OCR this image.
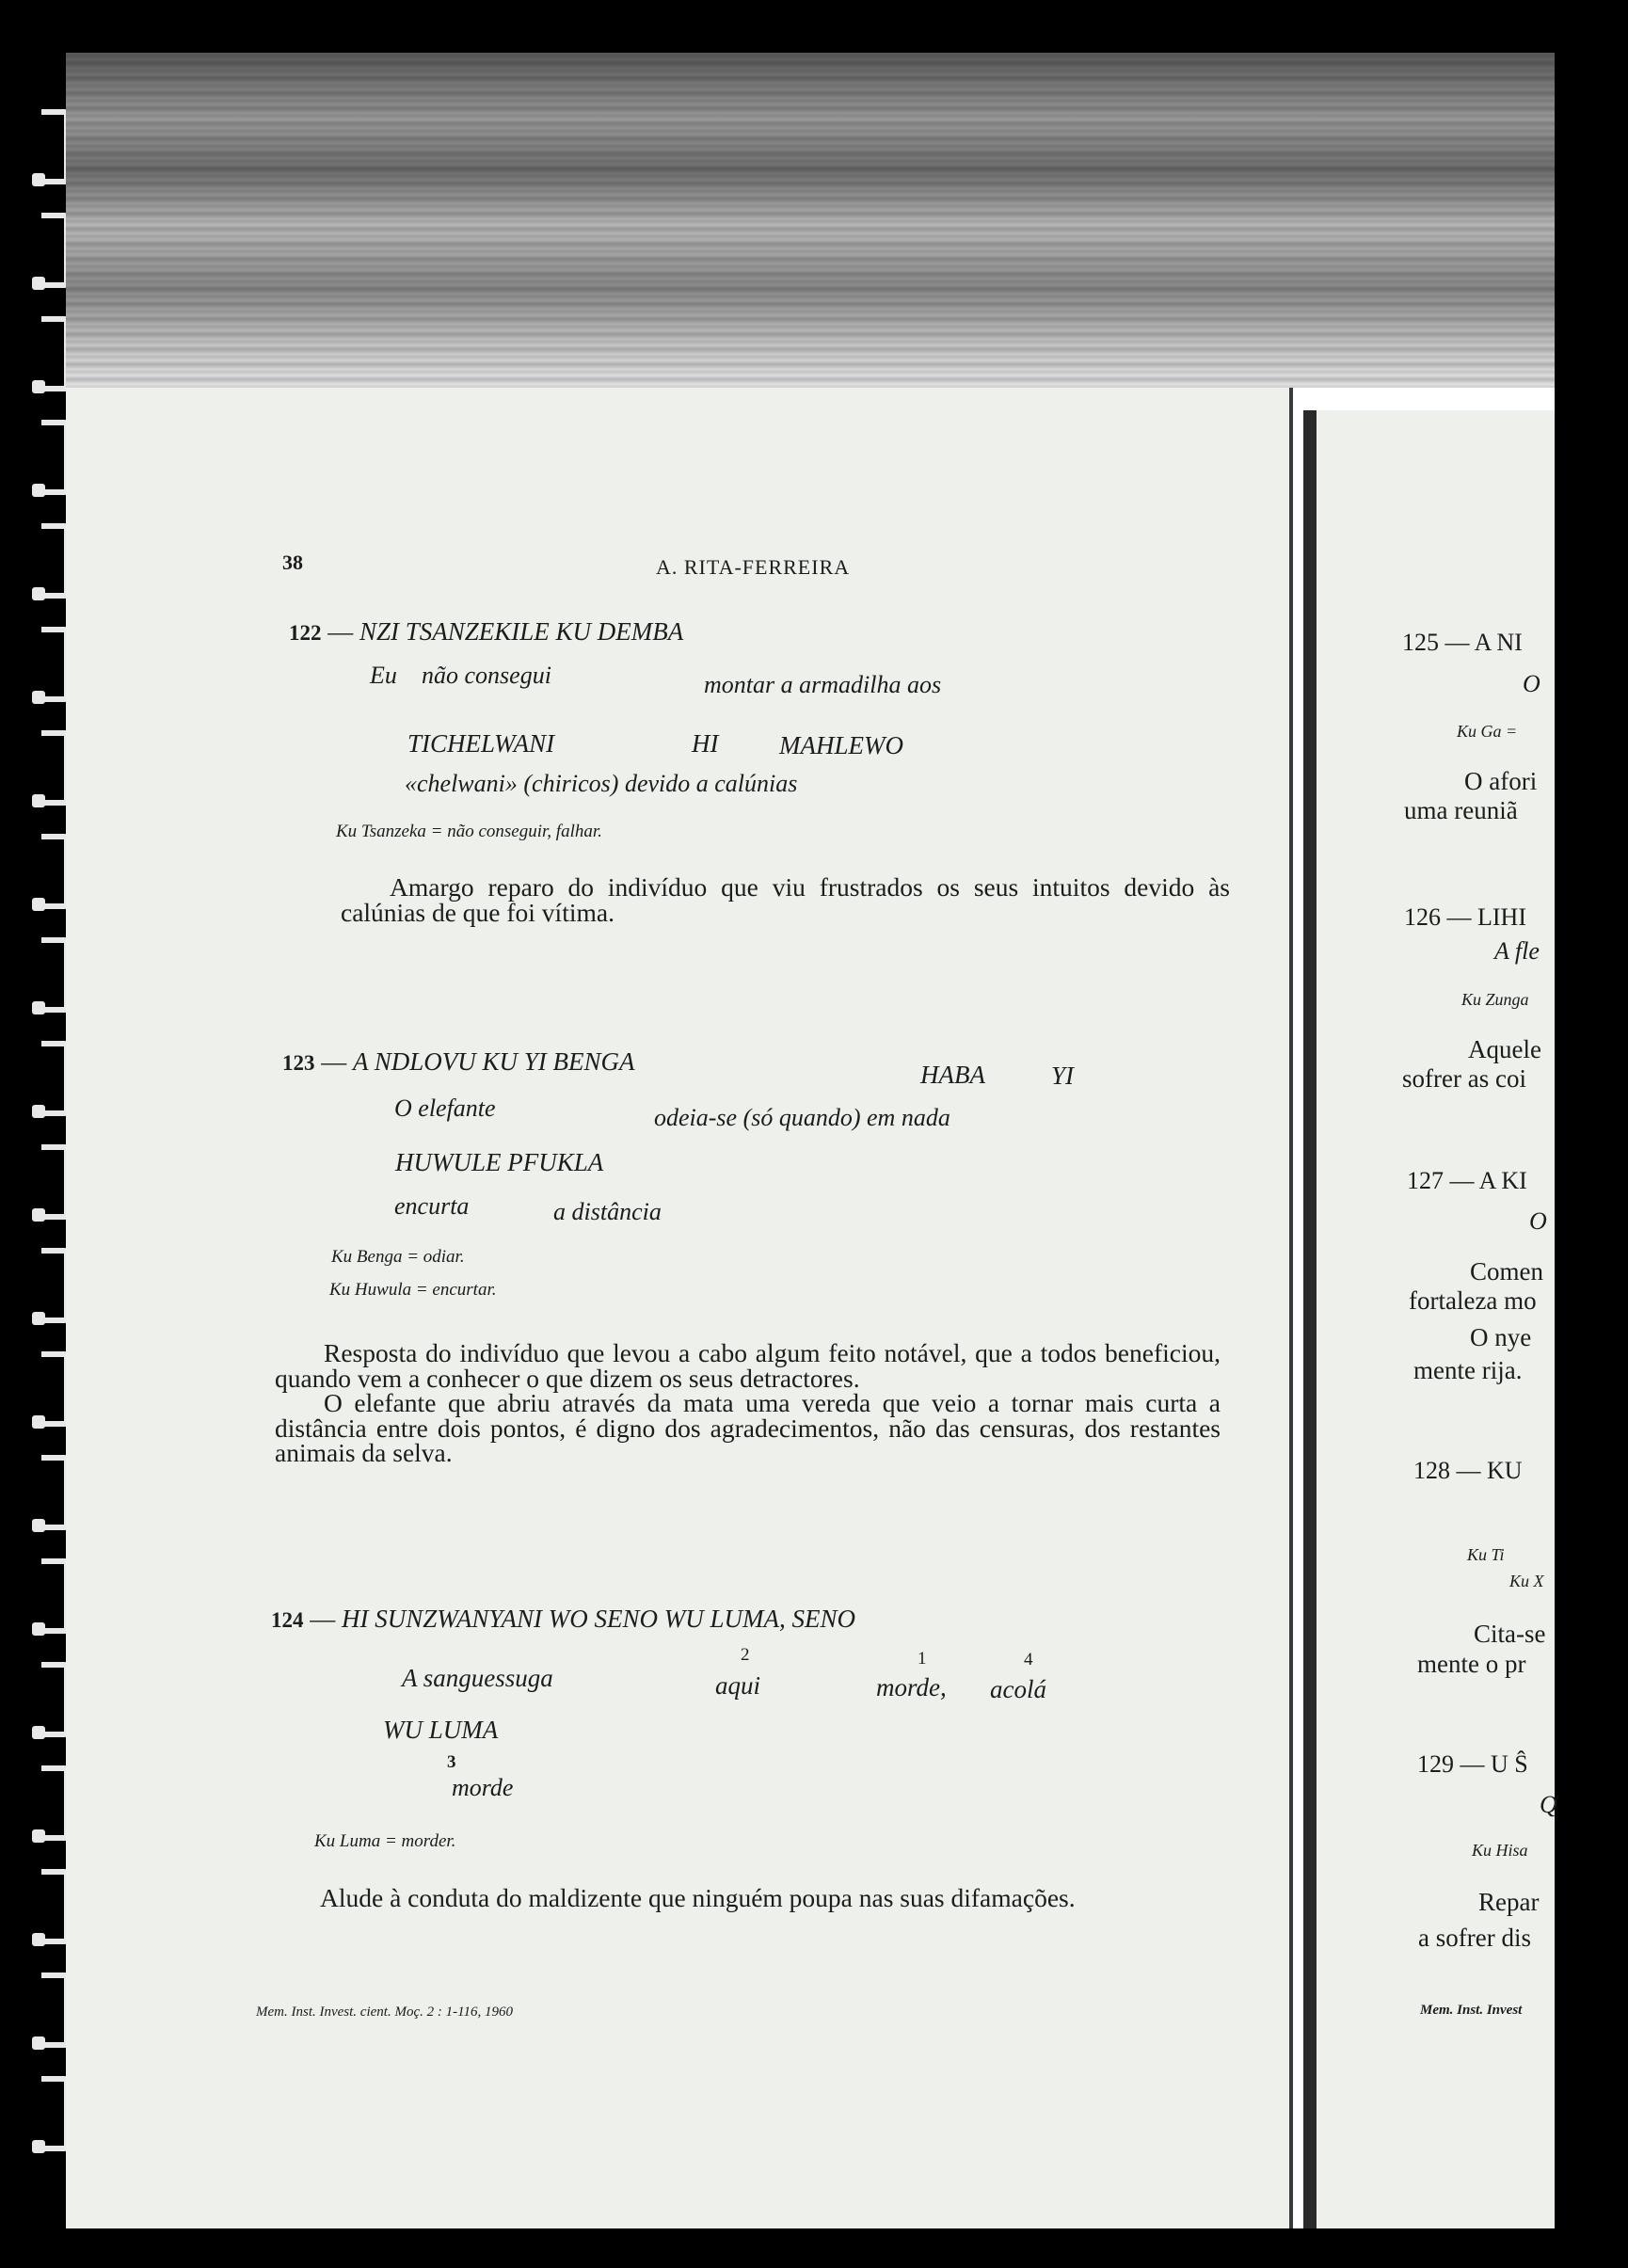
38	A. RITA-FERREIRA
122 — NZI TSANZEKILE KU DEMBA
Eu não consegui	montar a armadilha aos
TICHELWANI	HI MAHLEWO
«chelwani» (chiricos) devido a calúnias
Ku Tsanzeka = não conseguir, falhar.
Amargo reparo do indivíduo que viu frustrados os seus intuitos devido às calúnias de que foi vítima.
123 — A NDLOVU KU YI BENGA	HABA	YI
O elefante	odeia-se (só quando) em nada
HUWULE PFUKLA
encurta	a distância
Ku Benga = odiar.
Ku Huwula = encurtar.
Resposta do indivíduo que levou a cabo algum feito notável, que a todos beneficiou, quando vem a conhecer o que dizem os seus detractores.
O elefante que abriu através da mata uma vereda que veio a tornar mais curta a distância entre dois pontos, é digno dos agradecimentos, não das censuras, dos restantes animais da selva.
124 — HI SUNZWANYANI WO SENO WU LUMA, SENO
2	1	4
A sanguessuga	aqui	morde, acolá
WU LUMA
3
morde
Ku Luma = morder.
Alude à conduta do maldizente que ninguém poupa nas suas difamações.
Mem. Inst. Invest. cient. Moç. 2 : 1-116, 1960
125 — A NI
O
Ku Ga =
O afori
uma reuniã
126 — LIHI
A fle
Ku Zunga
Aquele
sofrer as coi
127 — A KI
O
Comen
fortaleza mo
O nye
mente rija.
128 — KU
Ku Ti
Ku X
Cita-se
mente o pr
129 — U Ŝ
Q
Ku Hisa
Repar
a sofrer dis
Mem. Inst. Invest
